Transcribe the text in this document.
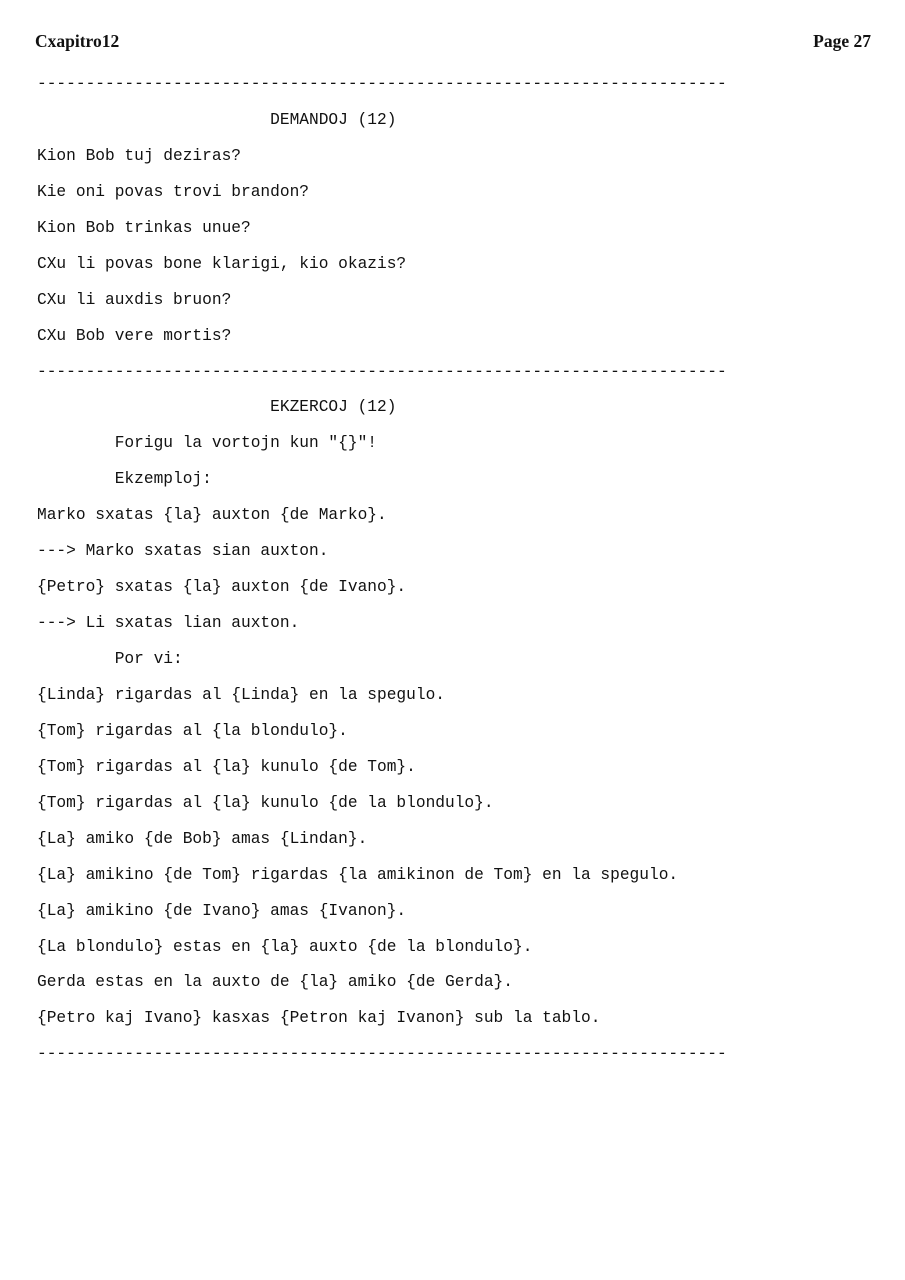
Cxapitro12	Page 27
-----------------------------------------------------------------------
DEMANDOJ (12)
Kion Bob tuj deziras?
Kie oni povas trovi brandon?
Kion Bob trinkas unue?
CXu li povas bone klarigi, kio okazis?
CXu li auxdis bruon?
CXu Bob vere mortis?
-----------------------------------------------------------------------
EKZERCOJ (12)
Forigu la vortojn kun "{}"!
Ekzemploj:
Marko sxatas {la} auxton {de Marko}.
---> Marko sxatas sian auxton.
{Petro} sxatas {la} auxton {de Ivano}.
---> Li sxatas lian auxton.
Por vi:
{Linda} rigardas al {Linda} en la spegulo.
{Tom} rigardas al {la blondulo}.
{Tom} rigardas al {la} kunulo {de Tom}.
{Tom} rigardas al {la} kunulo {de la blondulo}.
{La} amiko {de Bob} amas {Lindan}.
{La} amikino {de Tom} rigardas {la amikinon de Tom} en la spegulo.
{La} amikino {de Ivano} amas {Ivanon}.
{La blondulo} estas en {la} auxto {de la blondulo}.
Gerda estas en la auxto de {la} amiko {de Gerda}.
{Petro kaj Ivano} kasxas {Petron kaj Ivanon} sub la tablo.
-----------------------------------------------------------------------
